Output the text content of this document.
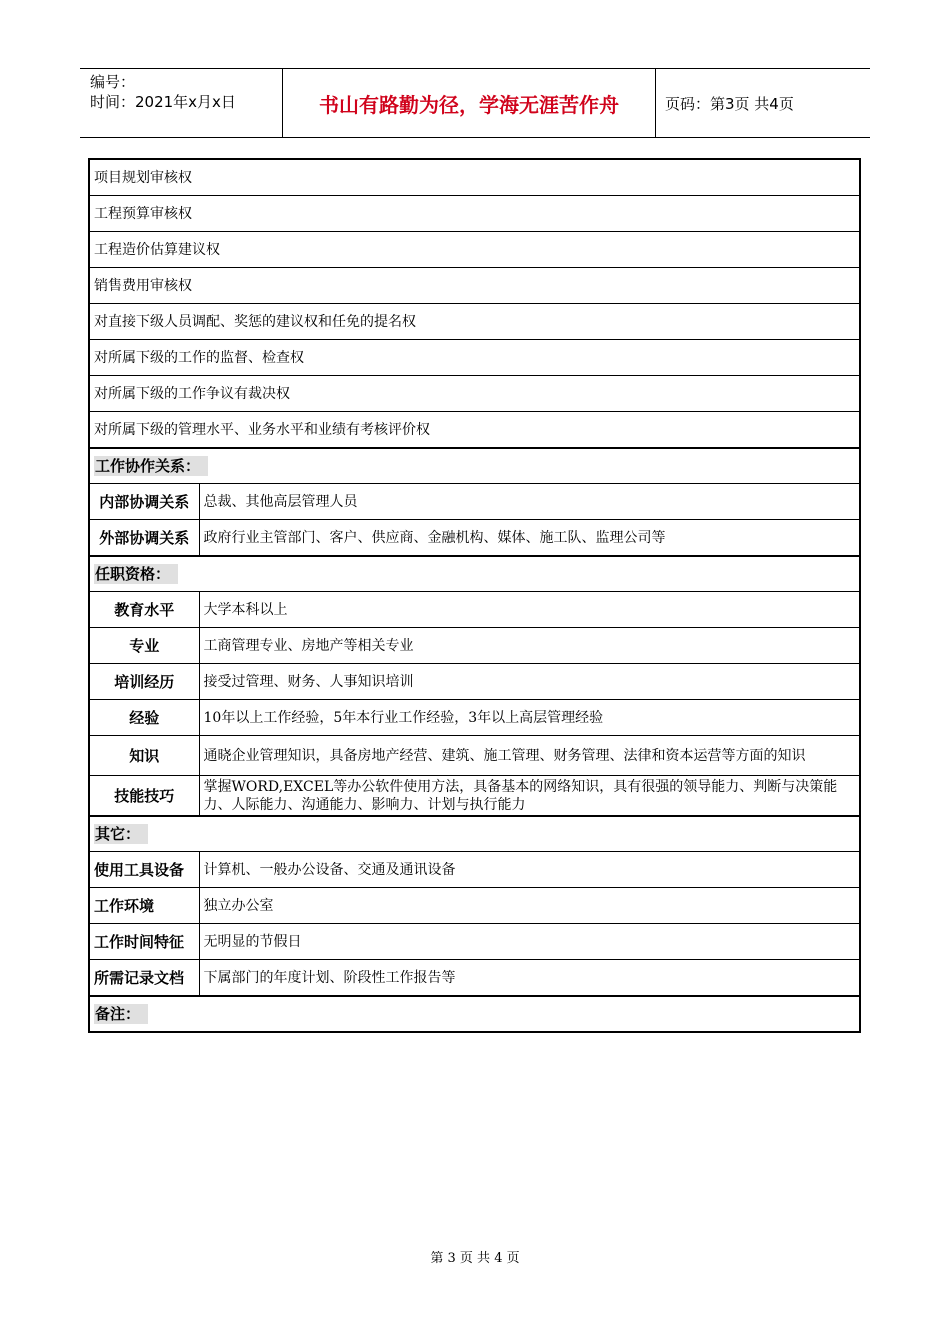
编号：
时间：2021年x月x日	书山有路勤为径，学海无涯苦作舟	页码：第3页 共4页
项目规划审核权	
工程预算审核权	
工程造价估算建议权	
销售费用审核权	
对直接下级人员调配、奖惩的建议权和任免的提名权	
对所属下级的工作的监督、检查权	
对所属下级的工作争议有裁决权	
对所属下级的管理水平、业务水平和业绩有考核评价权	
工作协作关系：	
内部协调关系	总裁、其他高层管理人员
外部协调关系	政府行业主管部门、客户、供应商、金融机构、媒体、施工队、监理公司等
任职资格：	
教育水平	大学本科以上
专业	工商管理专业、房地产等相关专业
培训经历	接受过管理、财务、人事知识培训
经验	10年以上工作经验，5年本行业工作经验，3年以上高层管理经验
知识	通晓企业管理知识，具备房地产经营、建筑、施工管理、财务管理、法律和资本运营等方面的知识
技能技巧	掌握WORD,EXCEL等办公软件使用方法，具备基本的网络知识，具有很强的领导能力、判断与决策能力、人际能力、沟通能力、影响力、计划与执行能力
其它：	
使用工具设备	计算机、一般办公设备、交通及通讯设备
工作环境	独立办公室
工作时间特征	无明显的节假日
所需记录文档	下属部门的年度计划、阶段性工作报告等
备注：	
第 3 页 共 4 页
